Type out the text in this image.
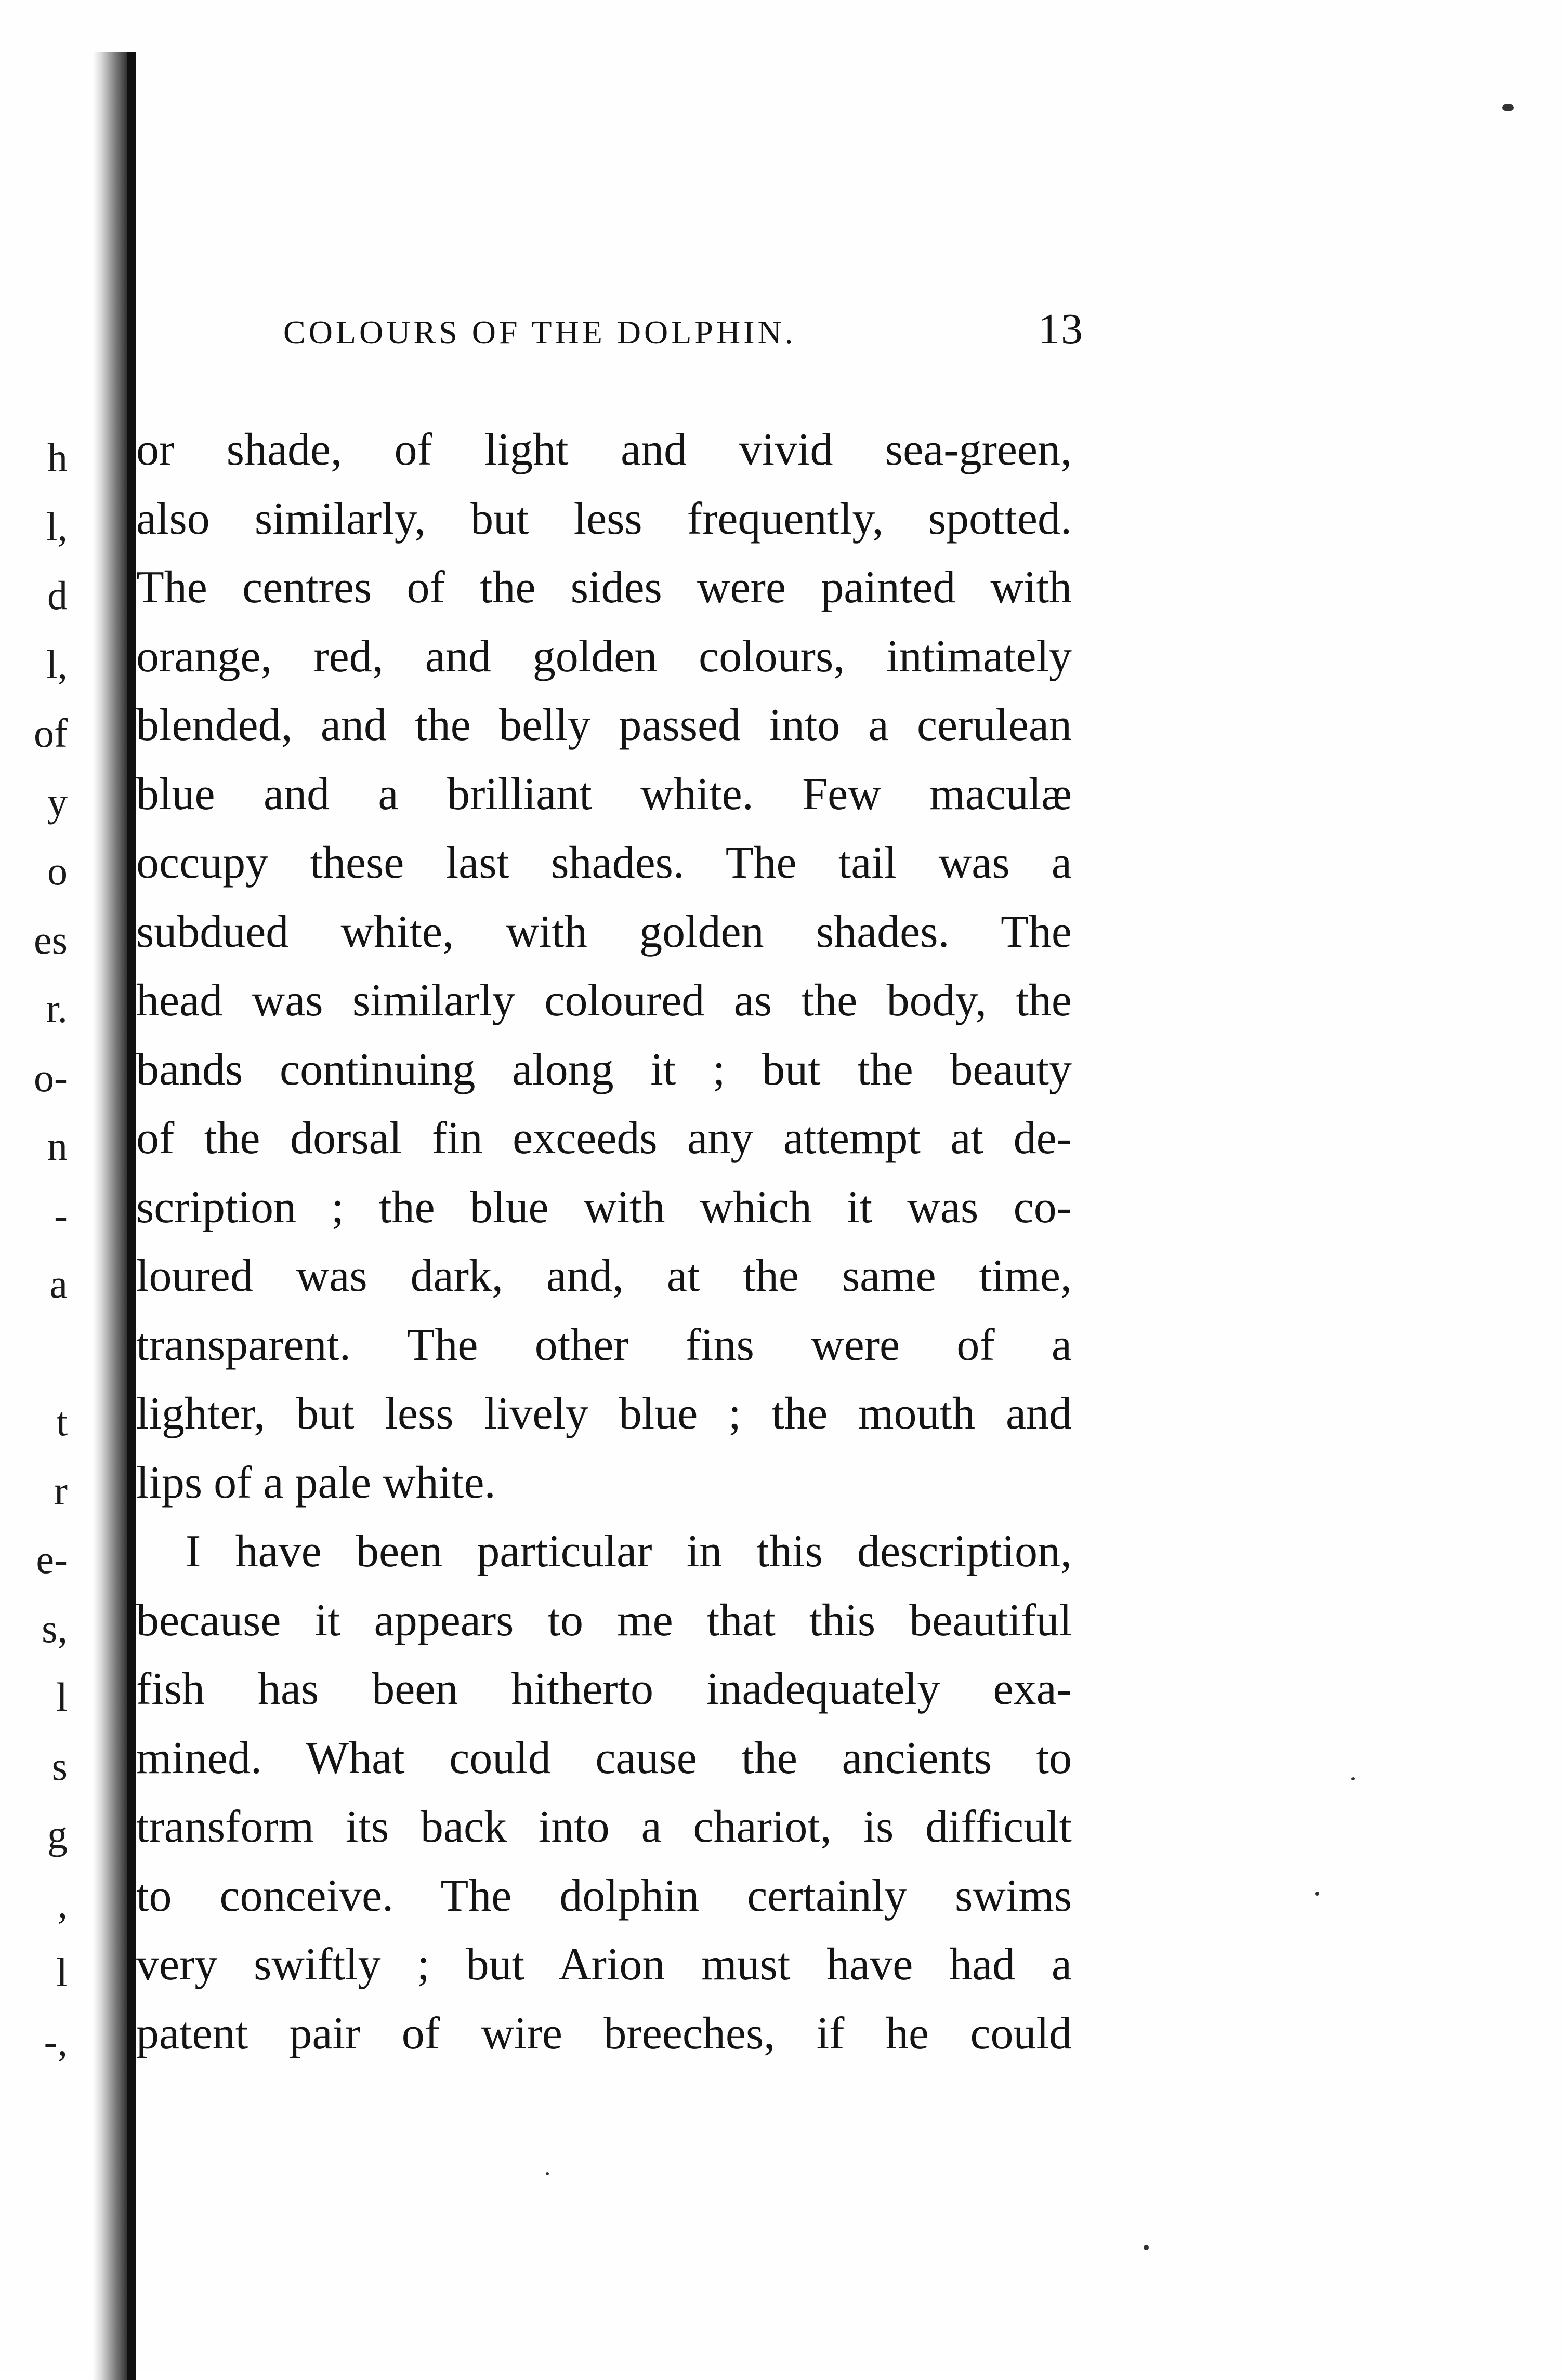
h
l,
d
l,
of
y
o
es
r.
o-
n
-
a
t
r
e-
s,
l
s
g
,
l
-,
COLOURS OF THE DOLPHIN.	13
or shade, of light and vivid sea-green,
also similarly, but less frequently, spotted.
The centres of the sides were painted with
orange, red, and golden colours, intimately
blended, and the belly passed into a cerulean
blue and a brilliant white. Few maculæ
occupy these last shades. The tail was a
subdued white, with golden shades. The
head was similarly coloured as the body, the
bands continuing along it ; but the beauty
of the dorsal fin exceeds any attempt at de-
scription ; the blue with which it was co-
loured was dark, and, at the same time,
transparent. The other fins were of a
lighter, but less lively blue ; the mouth and
lips of a pale white.
I have been particular in this description,
because it appears to me that this beautiful
fish has been hitherto inadequately exa-
mined. What could cause the ancients to
transform its back into a chariot, is difficult
to conceive. The dolphin certainly swims
very swiftly ; but Arion must have had a
patent pair of wire breeches, if he could
